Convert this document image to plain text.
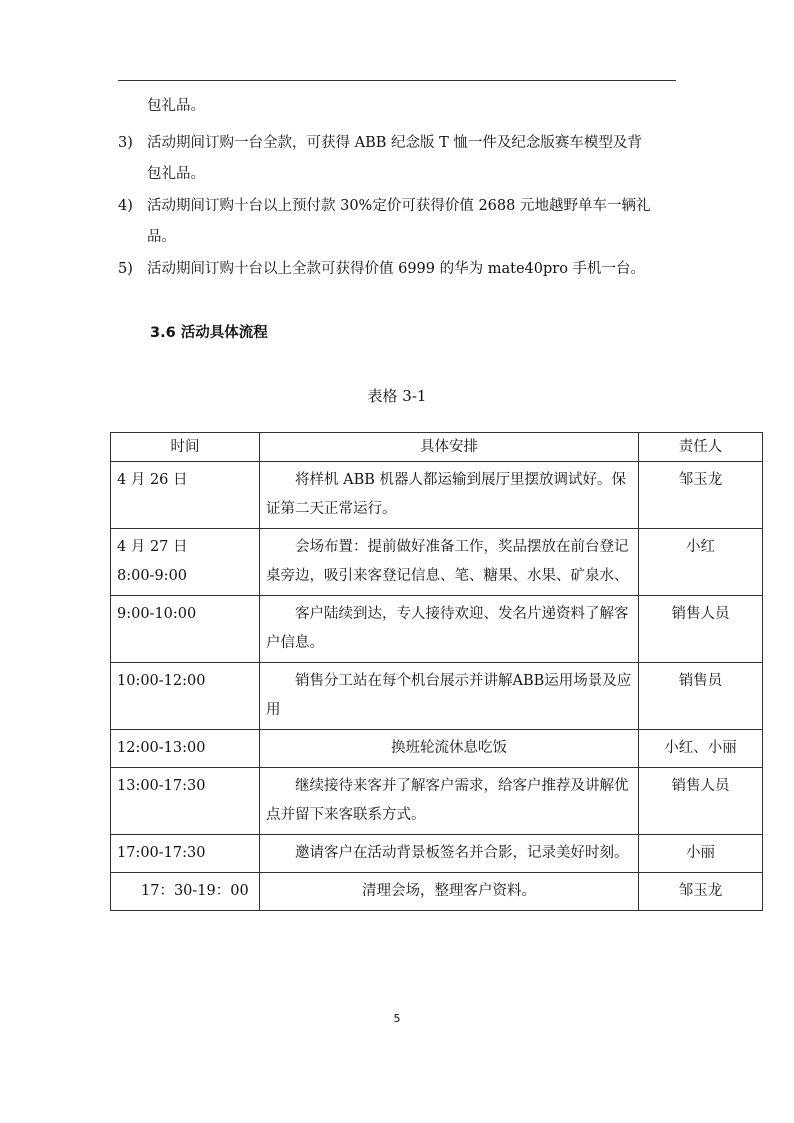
包礼品。
3) 活动期间订购一台全款，可获得 ABB 纪念版 T 恤一件及纪念版赛车模型及背
包礼品。
4) 活动期间订购十台以上预付款 30%定价可获得价值 2688 元地越野单车一辆礼
品。
5) 活动期间订购十台以上全款可获得价值 6999 的华为 mate40pro 手机一台。
3.6 活动具体流程
表格 3-1
时间	具体安排	责任人

4 月 26 日	将样机 ABB 机器人都运输到展厅里摆放调试好。保证第二天正常运行。	邹玉龙

4 月 27 日
8:00-9:00	会场布置：提前做好准备工作，奖品摆放在前台登记桌旁边，吸引来客登记信息、笔、糖果、水果、矿泉水、	小红

9:00-10:00	客户陆续到达，专人接待欢迎、发名片递资料了解客户信息。	销售人员

10:00-12:00	销售分工站在每个机台展示并讲解ABB运用场景及应用	销售员

12:00-13:00	换班轮流休息吃饭	小红、小丽

13:00-17:30	继续接待来客并了解客户需求，给客户推荐及讲解优点并留下来客联系方式。	销售人员

17:00-17:30	邀请客户在活动背景板签名并合影，记录美好时刻。	小丽

17：30-19：00	清理会场，整理客户资料。	邹玉龙
5
